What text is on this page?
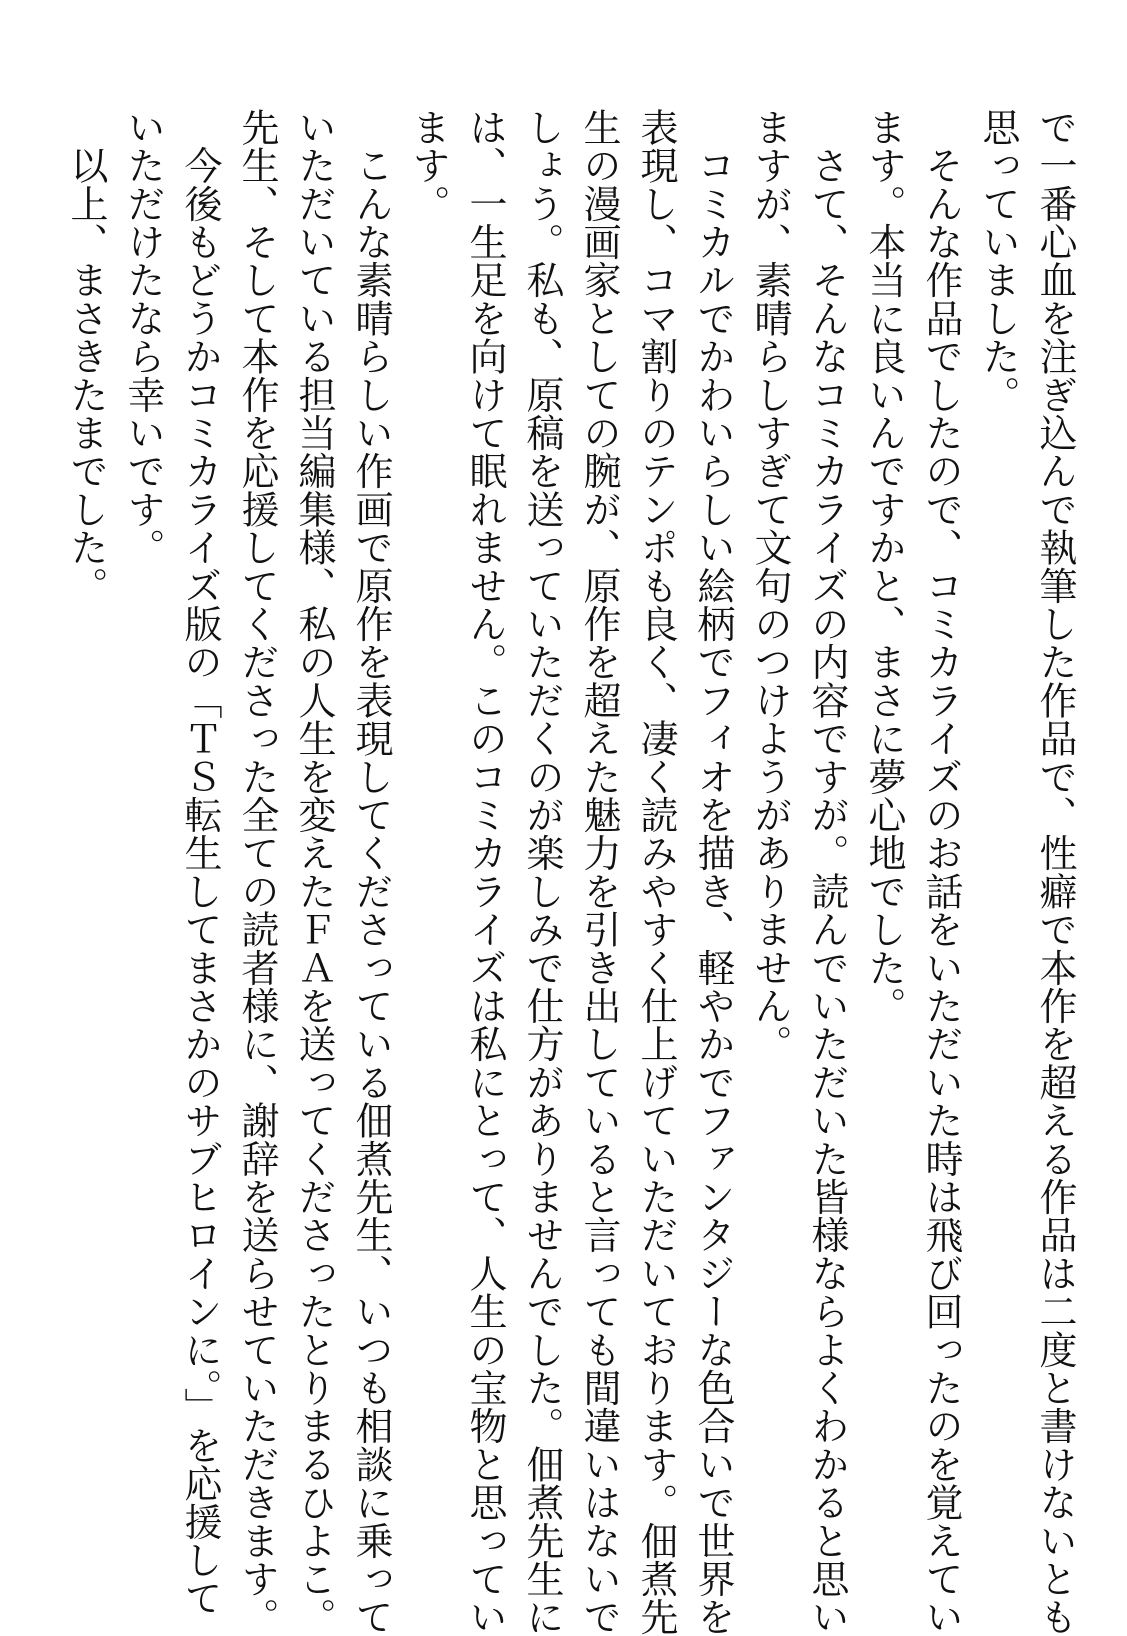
で一番心血を注ぎ込んで執筆した作品で、性癖で本作を超える作品は二度と書けないとも
思っていました。
　そんな作品でしたので、コミカライズのお話をいただいた時は飛び回ったのを覚えてい
ます。本当に良いんですかと、まさに夢心地でした。
　さて、そんなコミカライズの内容ですが。読んでいただいた皆様ならよくわかると思い
ますが、素晴らしすぎて文句のつけようがありません。
　コミカルでかわいらしい絵柄でフィオを描き、軽やかでファンタジーな色合いで世界を
表現し、コマ割りのテンポも良く、凄く読みやすく仕上げていただいております。佃煮先
生の漫画家としての腕が、原作を超えた魅力を引き出していると言っても間違いはないで
しょう。私も、原稿を送っていただくのが楽しみで仕方がありませんでした。佃煮先生に
は、一生足を向けて眠れません。このコミカライズは私にとって、人生の宝物と思ってい
ます。
　こんな素晴らしい作画で原作を表現してくださっている佃煮先生、いつも相談に乗って
いただいている担当編集様、私の人生を変えたＦＡを送ってくださったとりまるひよこ。
先生、そして本作を応援してくださった全ての読者様に、謝辞を送らせていただきます。
　今後もどうかコミカライズ版の「ＴＳ転生してまさかのサブヒロインに。」を応援して
いただけたなら幸いです。
　以上、まさきたまでした。
